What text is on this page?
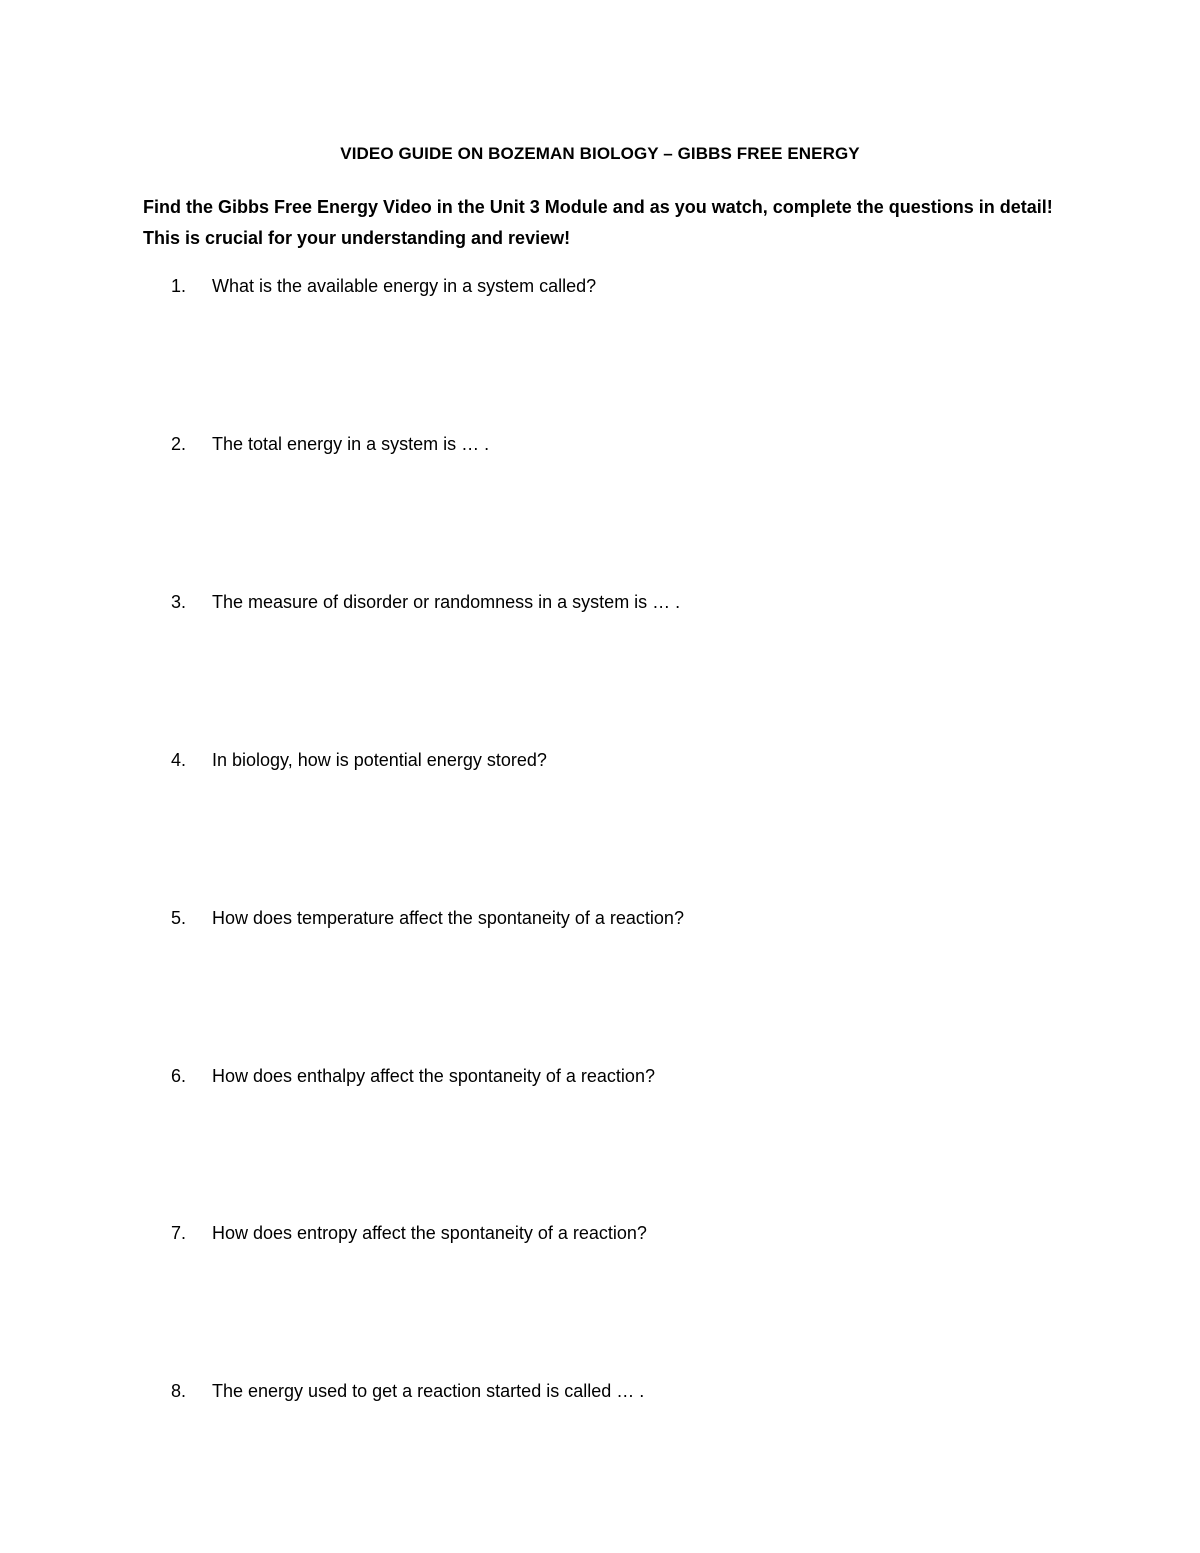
VIDEO GUIDE ON BOZEMAN BIOLOGY – GIBBS FREE ENERGY

Find the Gibbs Free Energy Video in the Unit 3 Module and as you watch, complete the questions in detail! This is crucial for your understanding and review!

1.	What is the available energy in a system called?
2.	The total energy in a system is … .
3.	The measure of disorder or randomness in a system is … .
4.	In biology, how is potential energy stored?
5.	How does temperature affect the spontaneity of a reaction?
6.	How does enthalpy affect the spontaneity of a reaction?
7.	How does entropy affect the spontaneity of a reaction?
8.	The energy used to get a reaction started is called … .
